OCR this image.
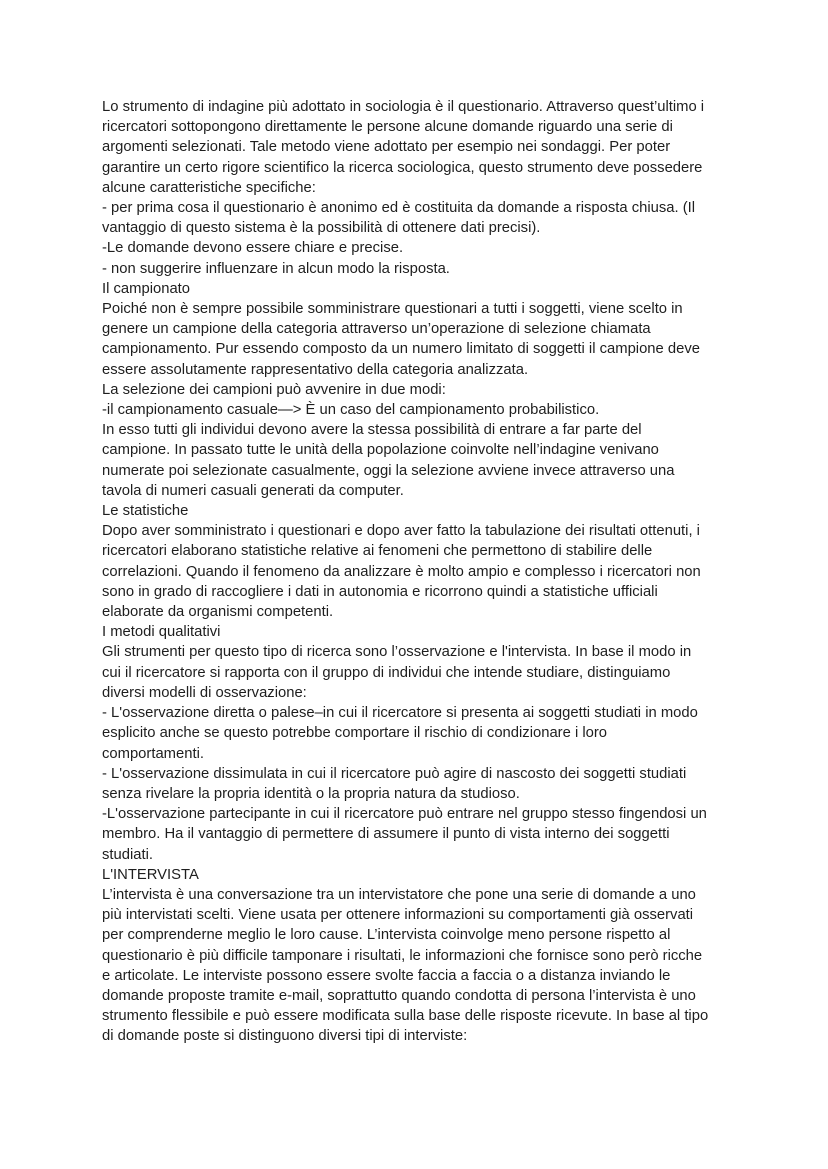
Lo strumento di indagine più adottato in sociologia è il questionario. Attraverso quest’ultimo i
ricercatori sottopongono direttamente le persone alcune domande riguardo una serie di
argomenti selezionati. Tale metodo viene adottato per esempio nei sondaggi. Per poter
garantire un certo rigore scientifico la ricerca sociologica, questo strumento deve possedere
alcune caratteristiche specifiche:
- per prima cosa il questionario è anonimo ed è costituita da domande a risposta chiusa. (Il
vantaggio di questo sistema è la possibilità di ottenere dati precisi).
-Le domande devono essere chiare e precise.
- non suggerire influenzare in alcun modo la risposta.
Il campionato
Poiché non è sempre possibile somministrare questionari a tutti i soggetti, viene scelto in
genere un campione della categoria attraverso un’operazione di selezione chiamata
campionamento. Pur essendo composto da un numero limitato di soggetti il campione deve
essere assolutamente rappresentativo della categoria analizzata.
La selezione dei campioni può avvenire in due modi:
-il campionamento casuale—> È un caso del campionamento probabilistico.
In esso tutti gli individui devono avere la stessa possibilità di entrare a far parte del
campione. In passato tutte le unità della popolazione coinvolte nell’indagine venivano
numerate poi selezionate casualmente, oggi la selezione avviene invece attraverso una
tavola di numeri casuali generati da computer.
Le statistiche
Dopo aver somministrato i questionari e dopo aver fatto la tabulazione dei risultati ottenuti, i
ricercatori elaborano statistiche relative ai fenomeni che permettono di stabilire delle
correlazioni. Quando il fenomeno da analizzare è molto ampio e complesso i ricercatori non
sono in grado di raccogliere i dati in autonomia e ricorrono quindi a statistiche ufficiali
elaborate da organismi competenti.
I metodi qualitativi
Gli strumenti per questo tipo di ricerca sono l’osservazione e l'intervista. In base il modo in
cui il ricercatore si rapporta con il gruppo di individui che intende studiare, distinguiamo
diversi modelli di osservazione:
- L'osservazione diretta o palese–in cui il ricercatore si presenta ai soggetti studiati in modo
esplicito anche se questo potrebbe comportare il rischio di condizionare i loro
comportamenti.
- L'osservazione dissimulata in cui il ricercatore può agire di nascosto dei soggetti studiati
senza rivelare la propria identità o la propria natura da studioso.
-L'osservazione partecipante in cui il ricercatore può entrare nel gruppo stesso fingendosi un
membro. Ha il vantaggio di permettere di assumere il punto di vista interno dei soggetti
studiati.
L'INTERVISTA
L’intervista è una conversazione tra un intervistatore che pone una serie di domande a uno
più intervistati scelti. Viene usata per ottenere informazioni su comportamenti già osservati
per comprenderne meglio le loro cause. L’intervista coinvolge meno persone rispetto al
questionario è più difficile tamponare i risultati, le informazioni che fornisce sono però ricche
e articolate. Le interviste possono essere svolte faccia a faccia o a distanza inviando le
domande proposte tramite e-mail, soprattutto quando condotta di persona l’intervista è uno
strumento flessibile e può essere modificata sulla base delle risposte ricevute. In base al tipo
di domande poste si distinguono diversi tipi di interviste:
